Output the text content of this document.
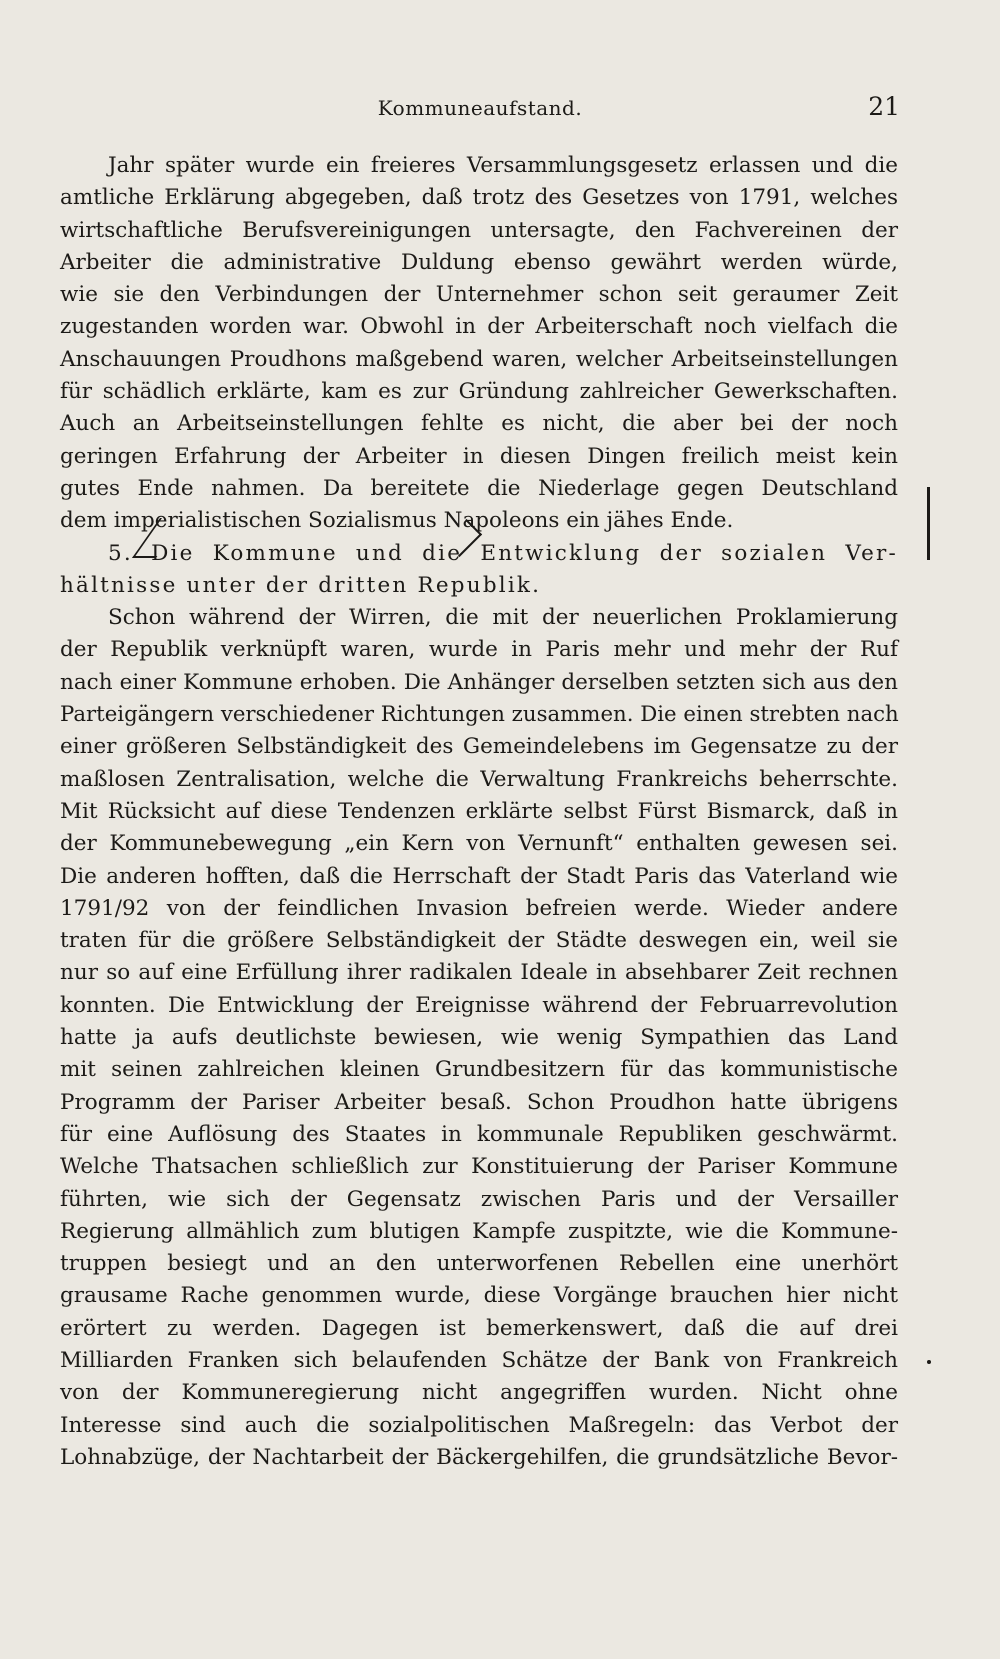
Kommuneaufstand.	21
Jahr später wurde ein freieres Versammlungsgesetz erlassen und die
amtliche Erklärung abgegeben, daß trotz des Gesetzes von 1791, welches
wirtschaftliche Berufsvereinigungen untersagte, den Fachvereinen der
Arbeiter die administrative Duldung ebenso gewährt werden würde,
wie sie den Verbindungen der Unternehmer schon seit geraumer Zeit
zugestanden worden war. Obwohl in der Arbeiterschaft noch vielfach die
Anschauungen Proudhons maßgebend waren, welcher Arbeitseinstellungen
für schädlich erklärte, kam es zur Gründung zahlreicher Gewerkschaften.
Auch an Arbeitseinstellungen fehlte es nicht, die aber bei der noch
geringen Erfahrung der Arbeiter in diesen Dingen freilich meist kein
gutes Ende nahmen. Da bereitete die Niederlage gegen Deutschland
dem imperialistischen Sozialismus Napoleons ein jähes Ende.
5. Die Kommune und die Entwicklung der sozialen Ver-
hältnisse unter der dritten Republik.
Schon während der Wirren, die mit der neuerlichen Proklamierung
der Republik verknüpft waren, wurde in Paris mehr und mehr der Ruf
nach einer Kommune erhoben. Die Anhänger derselben setzten sich aus den
Parteigängern verschiedener Richtungen zusammen. Die einen strebten nach
einer größeren Selbständigkeit des Gemeindelebens im Gegensatze zu der
maßlosen Zentralisation, welche die Verwaltung Frankreichs beherrschte.
Mit Rücksicht auf diese Tendenzen erklärte selbst Fürst Bismarck, daß in
der Kommunebewegung „ein Kern von Vernunft“ enthalten gewesen sei.
Die anderen hofften, daß die Herrschaft der Stadt Paris das Vaterland wie
1791/92 von der feindlichen Invasion befreien werde. Wieder andere
traten für die größere Selbständigkeit der Städte deswegen ein, weil sie
nur so auf eine Erfüllung ihrer radikalen Ideale in absehbarer Zeit rechnen
konnten. Die Entwicklung der Ereignisse während der Februarrevolution
hatte ja aufs deutlichste bewiesen, wie wenig Sympathien das Land
mit seinen zahlreichen kleinen Grundbesitzern für das kommunistische
Programm der Pariser Arbeiter besaß. Schon Proudhon hatte übrigens
für eine Auflösung des Staates in kommunale Republiken geschwärmt.
Welche Thatsachen schließlich zur Konstituierung der Pariser Kommune
führten, wie sich der Gegensatz zwischen Paris und der Versailler
Regierung allmählich zum blutigen Kampfe zuspitzte, wie die Kommune-
truppen besiegt und an den unterworfenen Rebellen eine unerhört
grausame Rache genommen wurde, diese Vorgänge brauchen hier nicht
erörtert zu werden. Dagegen ist bemerkenswert, daß die auf drei
Milliarden Franken sich belaufenden Schätze der Bank von Frankreich
von der Kommuneregierung nicht angegriffen wurden. Nicht ohne
Interesse sind auch die sozialpolitischen Maßregeln: das Verbot der
Lohnabzüge, der Nachtarbeit der Bäckergehilfen, die grundsätzliche Bevor-
